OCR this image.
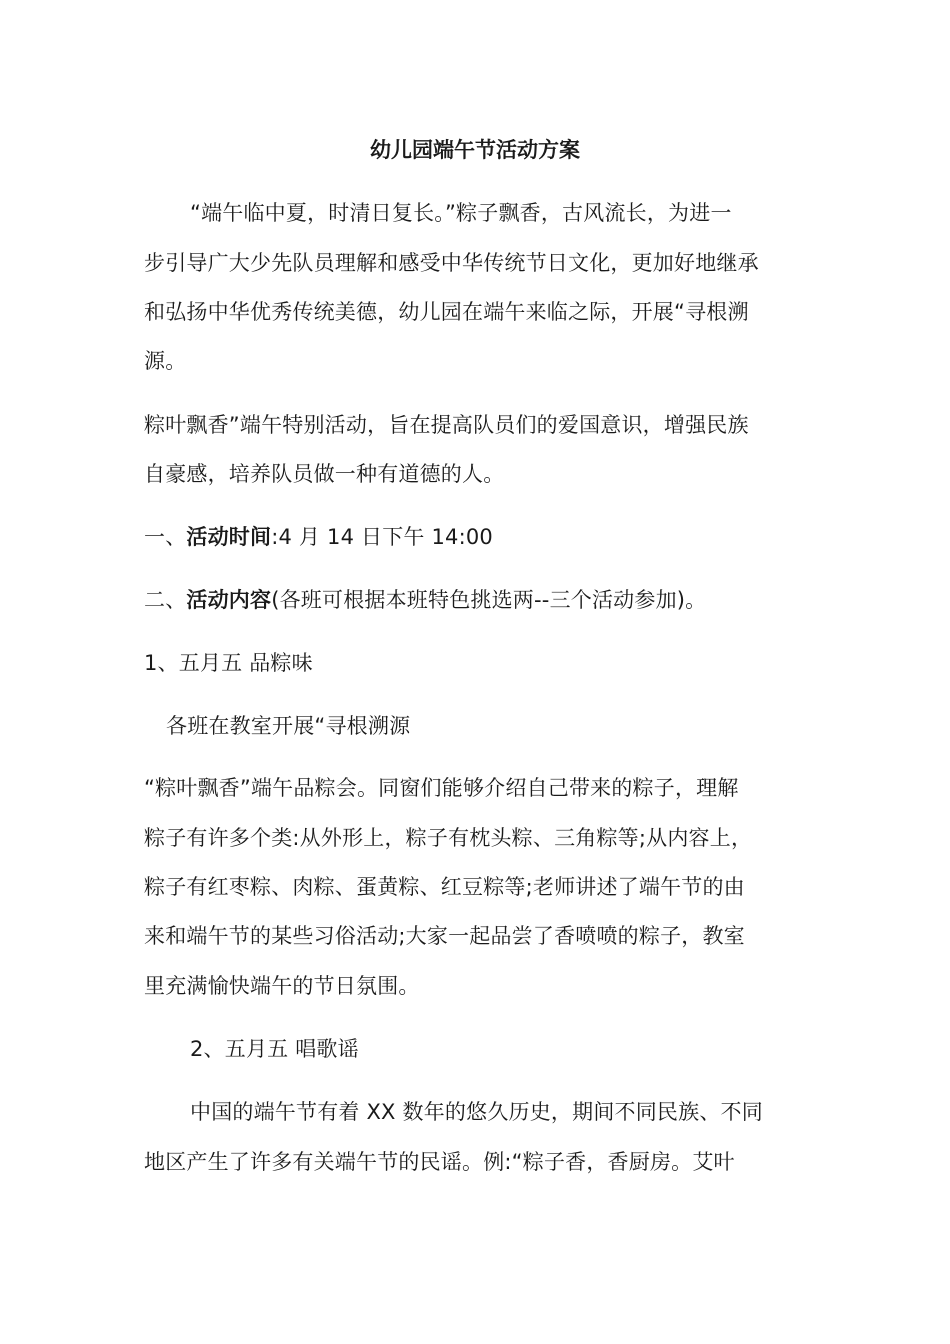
幼儿园端午节活动方案
“端午临中夏，时清日复长。”粽子飘香，古风流长，为进一
步引导广大少先队员理解和感受中华传统节日文化，更加好地继承
和弘扬中华优秀传统美德，幼儿园在端午来临之际，开展“寻根溯
源。
粽叶飘香”端午特别活动，旨在提高队员们的爱国意识，增强民族
自豪感，培养队员做一种有道德的人。
一、活动时间:4 月 14 日下午 14:00
二、活动内容(各班可根据本班特色挑选两--三个活动参加)。
1、五月五 品粽味
各班在教室开展“寻根溯源
“粽叶飘香”端午品粽会。同窗们能够介绍自己带来的粽子，理解
粽子有许多个类:从外形上，粽子有枕头粽、三角粽等;从内容上，
粽子有红枣粽、肉粽、蛋黄粽、红豆粽等;老师讲述了端午节的由
来和端午节的某些习俗活动;大家一起品尝了香喷喷的粽子，教室
里充满愉快端午的节日氛围。
2、五月五 唱歌谣
中国的端午节有着 XX 数年的悠久历史，期间不同民族、不同
地区产生了许多有关端午节的民谣。例:“粽子香，香厨房。艾叶
